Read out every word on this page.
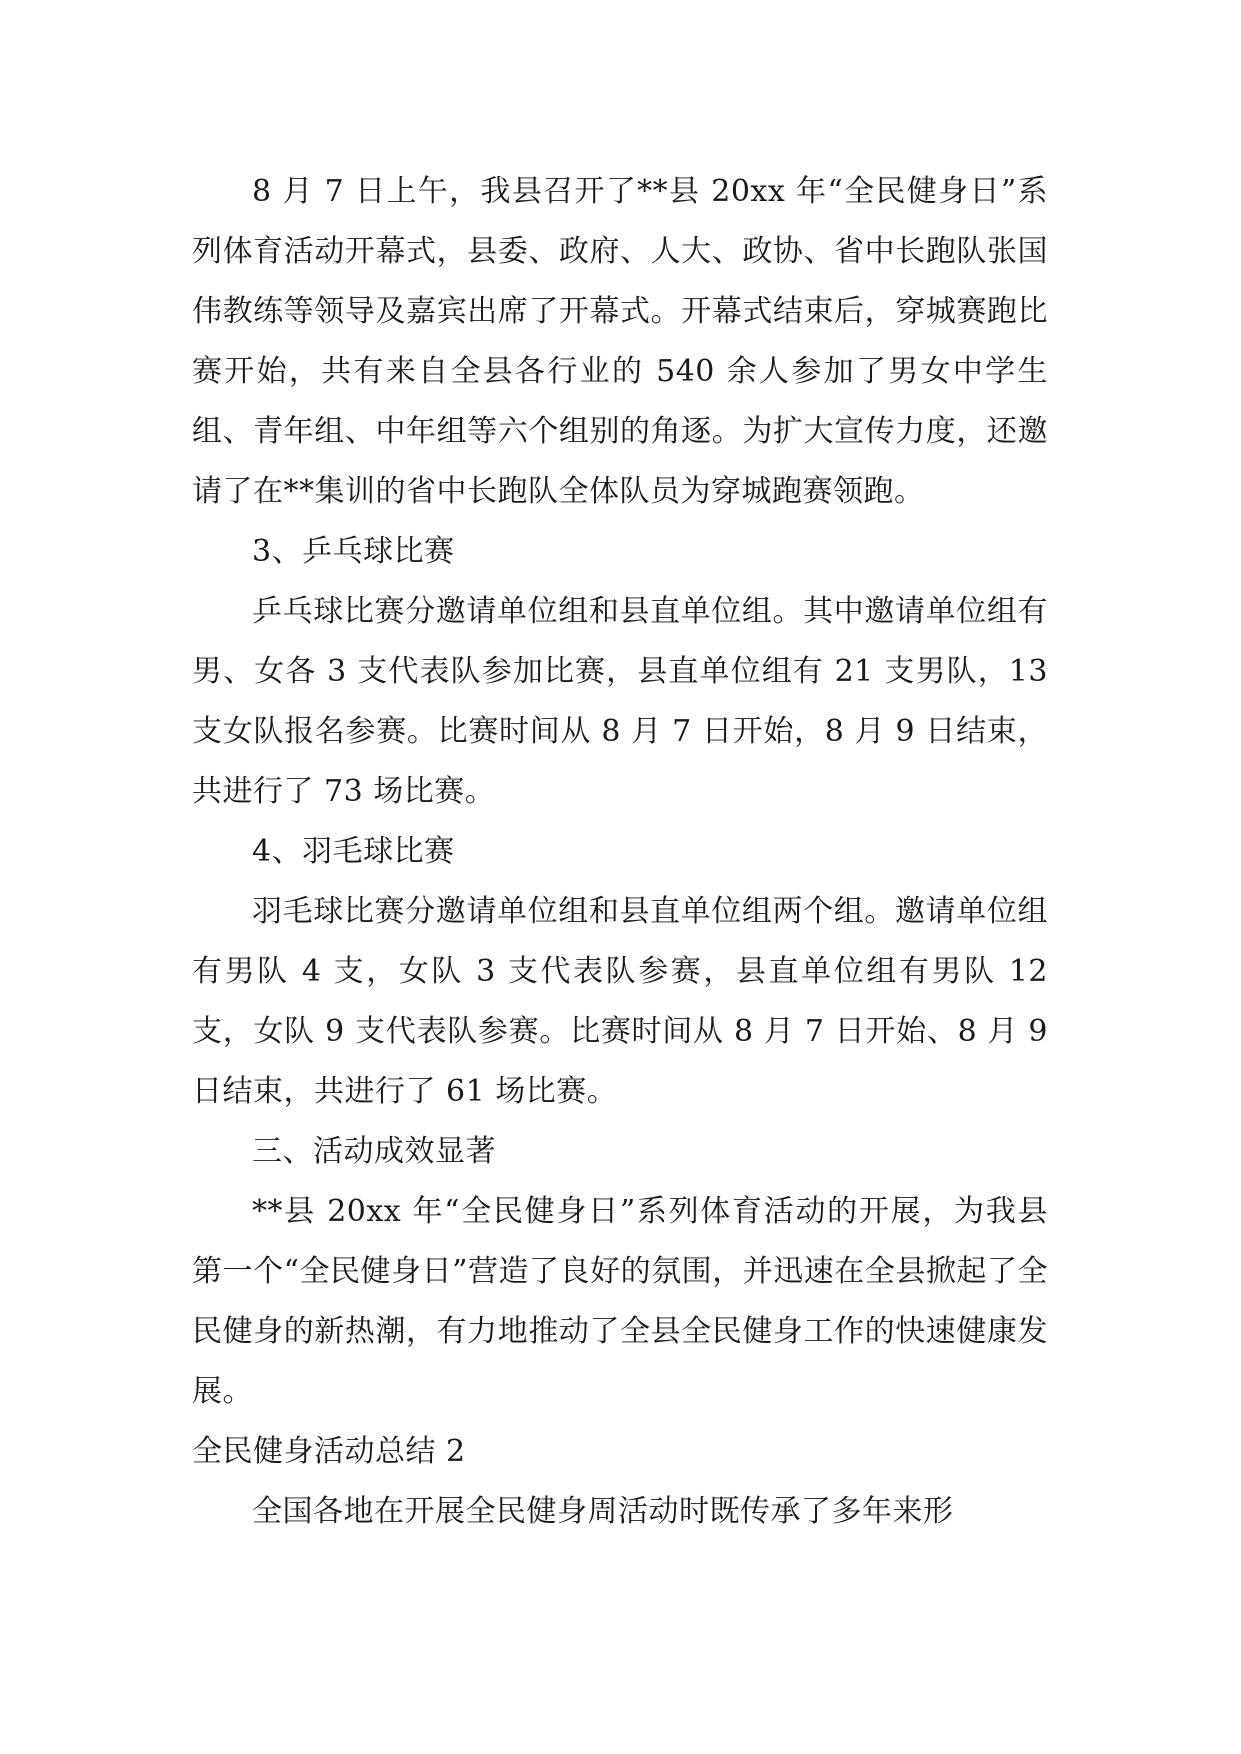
8 月 7 日上午，我县召开了**县 20xx 年“全民健身日”系列体育活动开幕式，县委、政府、人大、政协、省中长跑队张国伟教练等领导及嘉宾出席了开幕式。开幕式结束后，穿城赛跑比赛开始，共有来自全县各行业的 540 余人参加了男女中学生组、青年组、中年组等六个组别的角逐。为扩大宣传力度，还邀请了在**集训的省中长跑队全体队员为穿城跑赛领跑。

3、乒乓球比赛

乒乓球比赛分邀请单位组和县直单位组。其中邀请单位组有男、女各 3 支代表队参加比赛，县直单位组有 21 支男队，13 支女队报名参赛。比赛时间从 8 月 7 日开始，8 月 9 日结束，共进行了 73 场比赛。

4、羽毛球比赛

羽毛球比赛分邀请单位组和县直单位组两个组。邀请单位组有男队 4 支，女队 3 支代表队参赛，县直单位组有男队 12 支，女队 9 支代表队参赛。比赛时间从 8 月 7 日开始、8 月 9 日结束，共进行了 61 场比赛。

三、活动成效显著

**县 20xx 年“全民健身日”系列体育活动的开展，为我县第一个“全民健身日”营造了良好的氛围，并迅速在全县掀起了全民健身的新热潮，有力地推动了全县全民健身工作的快速健康发展。

全民健身活动总结 2

全国各地在开展全民健身周活动时既传承了多年来形
